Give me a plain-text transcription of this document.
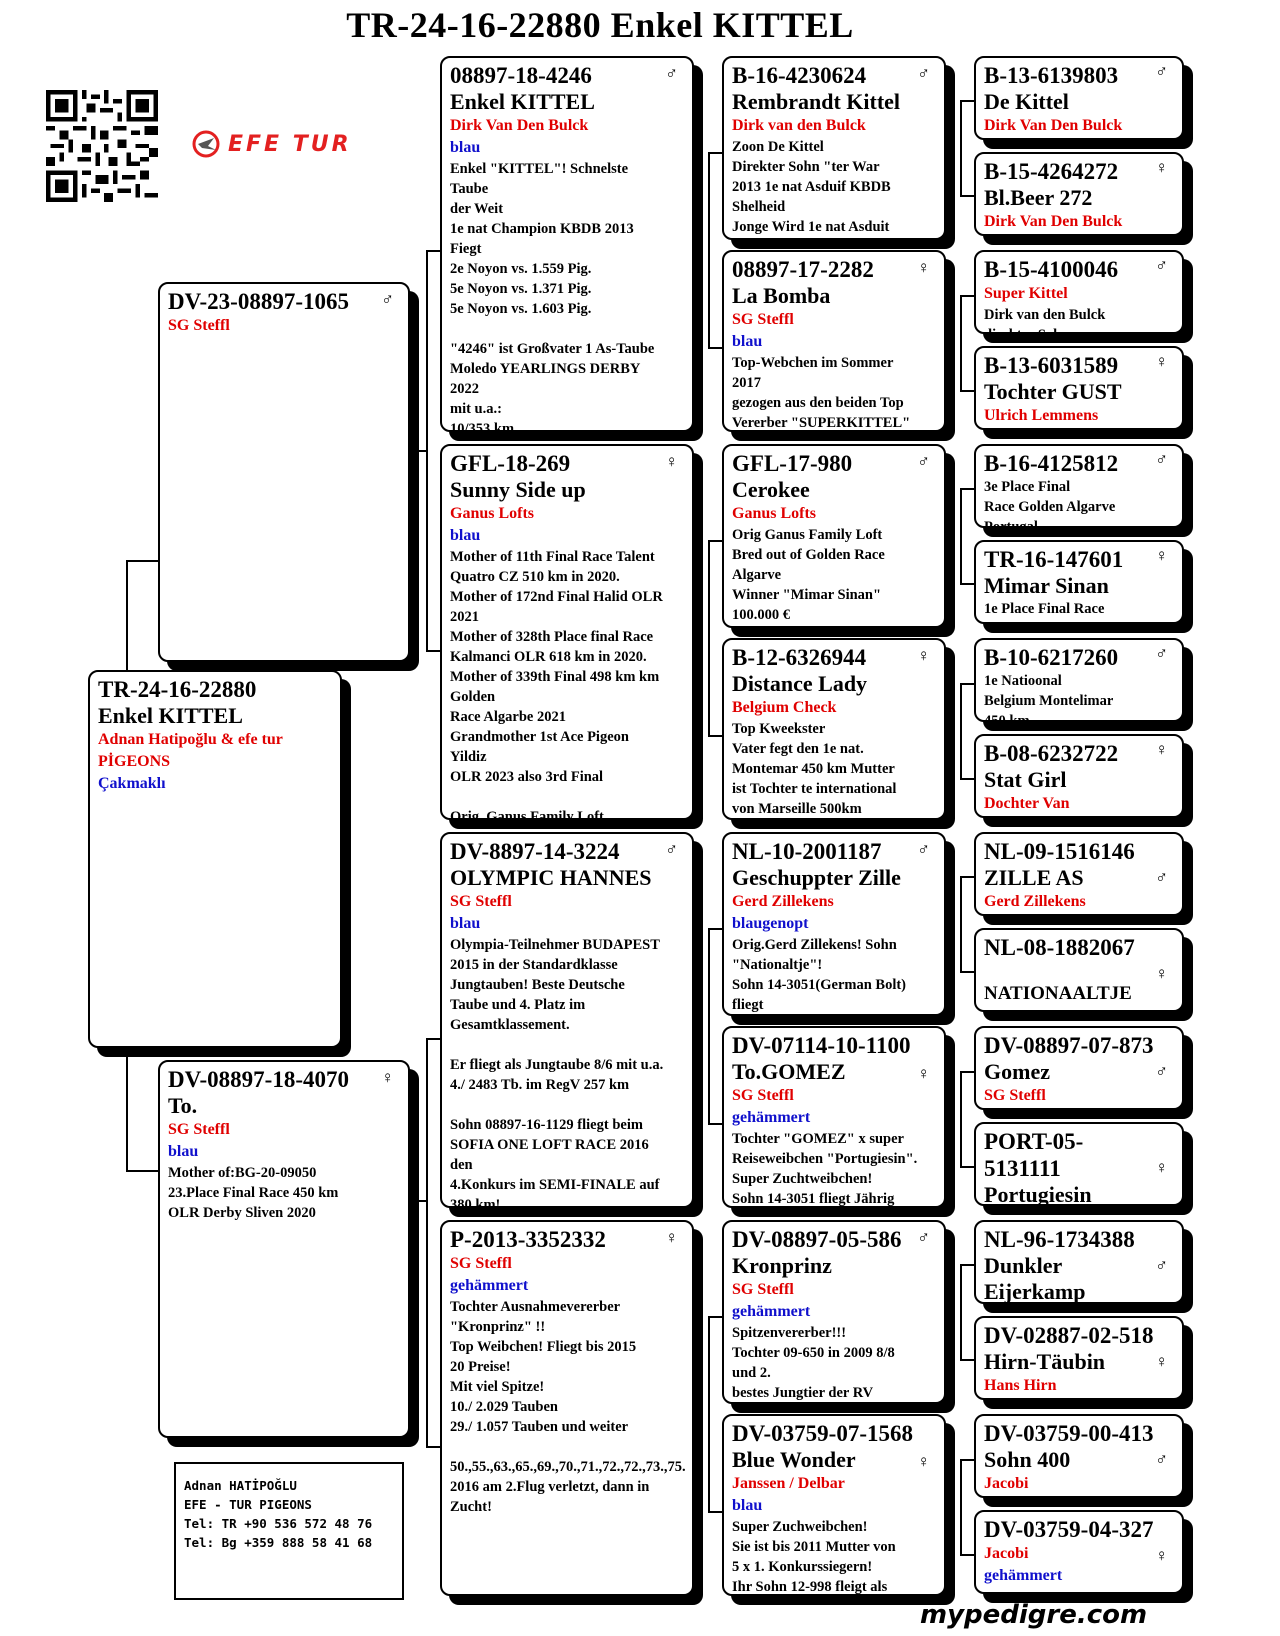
TR-24-16-22880 Enkel KITTEL
EFE TUR
TR-24-16-22880
Enkel KITTEL
Adnan Hatipoğlu & efe tur
PİGEONS
Çakmaklı
♂
DV-23-08897-1065
SG Steffl
♀
DV-08897-18-4070
To.
SG Steffl
blau
Mother of:BG-20-09050
23.Place Final Race 450 km
OLR Derby Sliven 2020
♂
08897-18-4246
Enkel KITTEL
Dirk Van Den Bulck
blau
Enkel "KITTEL"! Schnelste
Taube
der Weit
1e nat Champion KBDB 2013
Fiegt
2e Noyon vs. 1.559 Pig.
5e Noyon vs. 1.371 Pig.
5e Noyon vs. 1.603 Pig.

"4246" ist Großvater 1 As-Taube
Moledo YEARLINGS DERBY
2022
mit u.a.:
10/353 km
♀
GFL-18-269
Sunny Side up
Ganus Lofts
blau
Mother of 11th Final Race Talent
Quatro CZ 510 km in 2020.
Mother of 172nd Final Halid OLR
2021
Mother of 328th Place final Race
Kalmanci OLR 618 km in 2020.
Mother of 339th Final 498 km km
Golden
Race Algarbe 2021
Grandmother 1st Ace Pigeon
Yildiz
OLR 2023 also 3rd Final

Orig. Ganus Family Loft
♂
DV-8897-14-3224
OLYMPIC HANNES
SG Steffl
blau
Olympia-Teilnehmer BUDAPEST
2015 in der Standardklasse
Jungtauben! Beste Deutsche
Taube und 4. Platz im
Gesamtklassement.

Er fliegt als Jungtaube 8/6 mit u.a.
4./ 2483 Tb. im RegV 257 km

Sohn 08897-16-1129 fliegt beim
SOFIA ONE LOFT RACE 2016
den
4.Konkurs im SEMI-FINALE auf
380 km!
♀
P-2013-3352332
SG Steffl
gehämmert
Tochter Ausnahmevererber
"Kronprinz" !!
Top Weibchen! Fliegt bis 2015
20 Preise!
Mit viel Spitze!
10./ 2.029 Tauben
29./ 1.057 Tauben und weiter

50.,55.,63.,65.,69.,70.,71.,72.,72.,73.,75.
2016 am 2.Flug verletzt, dann in
Zucht!
♂
B-16-4230624
Rembrandt Kittel
Dirk van den Bulck
Zoon De Kittel
Direkter Sohn "ter War
2013 1e nat Asduif KBDB
Shelheid
Jonge Wird 1e nat Asduit
♀
08897-17-2282
La Bomba
SG Steffl
blau
Top-Webchen im Sommer
2017
gezogen aus den beiden Top
Vererber "SUPERKITTEL"
♂
GFL-17-980
Cerokee
Ganus Lofts
Orig Ganus Family Loft
Bred out of Golden Race
Algarve
Winner "Mimar Sinan"
100.000 €
♀
B-12-6326944
Distance Lady
Belgium Check
Top Kweekster
Vater fegt den 1e nat.
Montemar 450 km Mutter
ist Tochter te international
von Marseille 500km
♂
NL-10-2001187
Geschuppter Zille
Gerd Zillekens
blaugenopt
Orig.Gerd Zillekens! Sohn
"Nationaltje"!
Sohn 14-3051(German Bolt)
fliegt
♀
DV-07114-10-1100
To.GOMEZ
SG Steffl
gehämmert
Tochter "GOMEZ" x super
Reiseweibchen "Portugiesin".
Super Zuchtweibchen!
Sohn 14-3051 fliegt Jährig
♂
DV-08897-05-586
Kronprinz
SG Steffl
gehämmert
Spitzenvererber!!!
Tochter 09-650 in 2009 8/8
und 2.
bestes Jungtier der RV
♀
DV-03759-07-1568
Blue Wonder
Janssen / Delbar
blau
Super Zuchweibchen!
Sie ist bis 2011 Mutter von
5 x 1. Konkurssiegern!
Ihr Sohn 12-998 fleigt als
♂
B-13-6139803
De Kittel
Dirk Van Den Bulck
♀
B-15-4264272
Bl.Beer 272
Dirk Van Den Bulck
♂
B-15-4100046
Super Kittel
Dirk van den Bulck
direkter Sohn
♀
B-13-6031589
Tochter GUST
Ulrich Lemmens
♂
B-16-4125812
3e Place Final
Race Golden Algarve
Portugal
♀
TR-16-147601
Mimar Sinan
1e Place Final Race
♂
B-10-6217260
1e Natioonal
Belgium Montelimar
450 km
♀
B-08-6232722
Stat Girl
Dochter Van
♂
NL-09-1516146
ZILLE AS
Gerd Zillekens
♀
NL-08-1882067
NATIONAALTJE
♂
DV-08897-07-873
Gomez
SG Steffl
♀
PORT-05-
5131111
Portugiesin
♂
NL-96-1734388
Dunkler
Eijerkamp
♀
DV-02887-02-518
Hirn-Täubin
Hans Hirn
♂
DV-03759-00-413
Sohn 400
Jacobi
♀
DV-03759-04-327
Jacobi
gehämmert
Adnan HATİPOĞLU
EFE - TUR PIGEONS
Tel: TR +90 536 572 48 76
Tel: Bg +359 888 58 41 68
mypedigre.com
